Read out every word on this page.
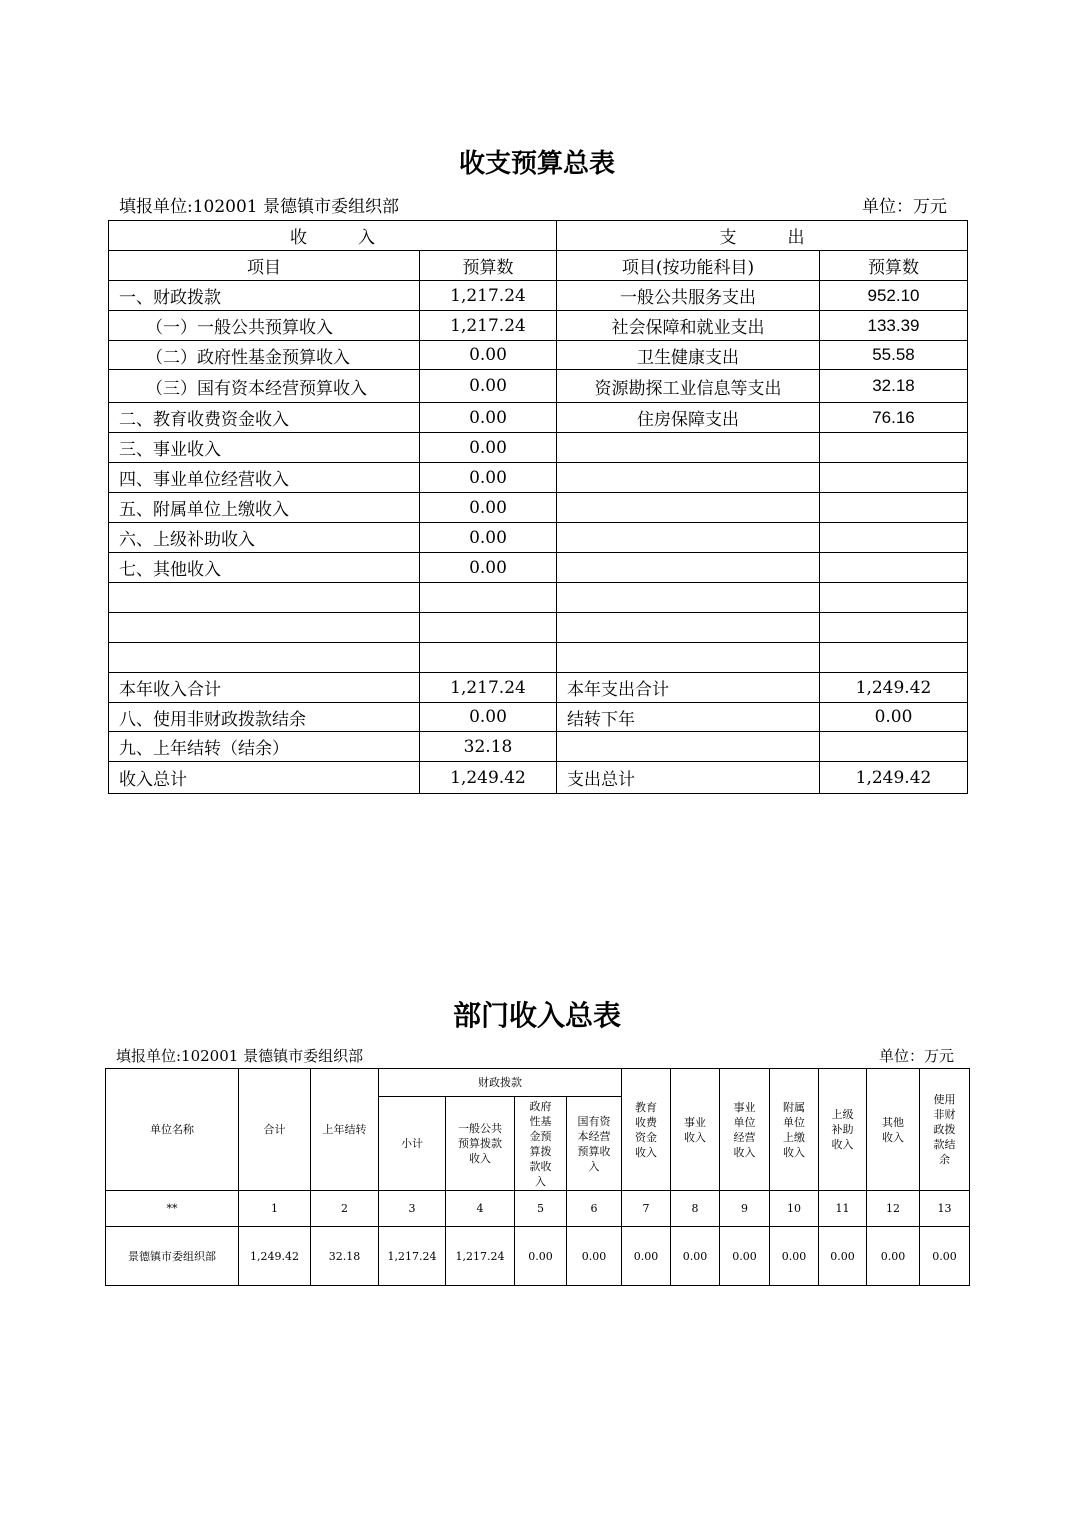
收支预算总表
填报单位:102001 景德镇市委组织部	单位：万元
收　　　入		支　　　出	
项目	预算数	项目(按功能科目)	预算数
一、财政拨款	1,217.24	一般公共服务支出	952.10
（一）一般公共预算收入	1,217.24	社会保障和就业支出	133.39
（二）政府性基金预算收入	0.00	卫生健康支出	55.58
（三）国有资本经营预算收入	0.00	资源勘探工业信息等支出	32.18
二、教育收费资金收入	0.00	住房保障支出	76.16
三、事业收入	0.00		
四、事业单位经营收入	0.00		
五、附属单位上缴收入	0.00		
六、上级补助收入	0.00		
七、其他收入	0.00		

本年收入合计	1,217.24	本年支出合计	1,249.42
八、使用非财政拨款结余	0.00	结转下年	0.00
九、上年结转（结余）	32.18		
收入总计	1,249.42	支出总计	1,249.42
部门收入总表
填报单位:102001 景德镇市委组织部	单位：万元
单位名称	合计	上年结转	财政拨款				教育收费资金收入	事业收入	事业单位经营收入	附属单位上缴收入	上级补助收入	其他收入	使用非财政拨款结余
			小计	一般公共预算拨款收入	政府性基金预算拨款收入	国有资本经营预算收入							
**	1	2	3	4	5	6	7	8	9	10	11	12	13
景德镇市委组织部	1,249.42	32.18	1,217.24	1,217.24	0.00	0.00	0.00	0.00	0.00	0.00	0.00	0.00	0.00
